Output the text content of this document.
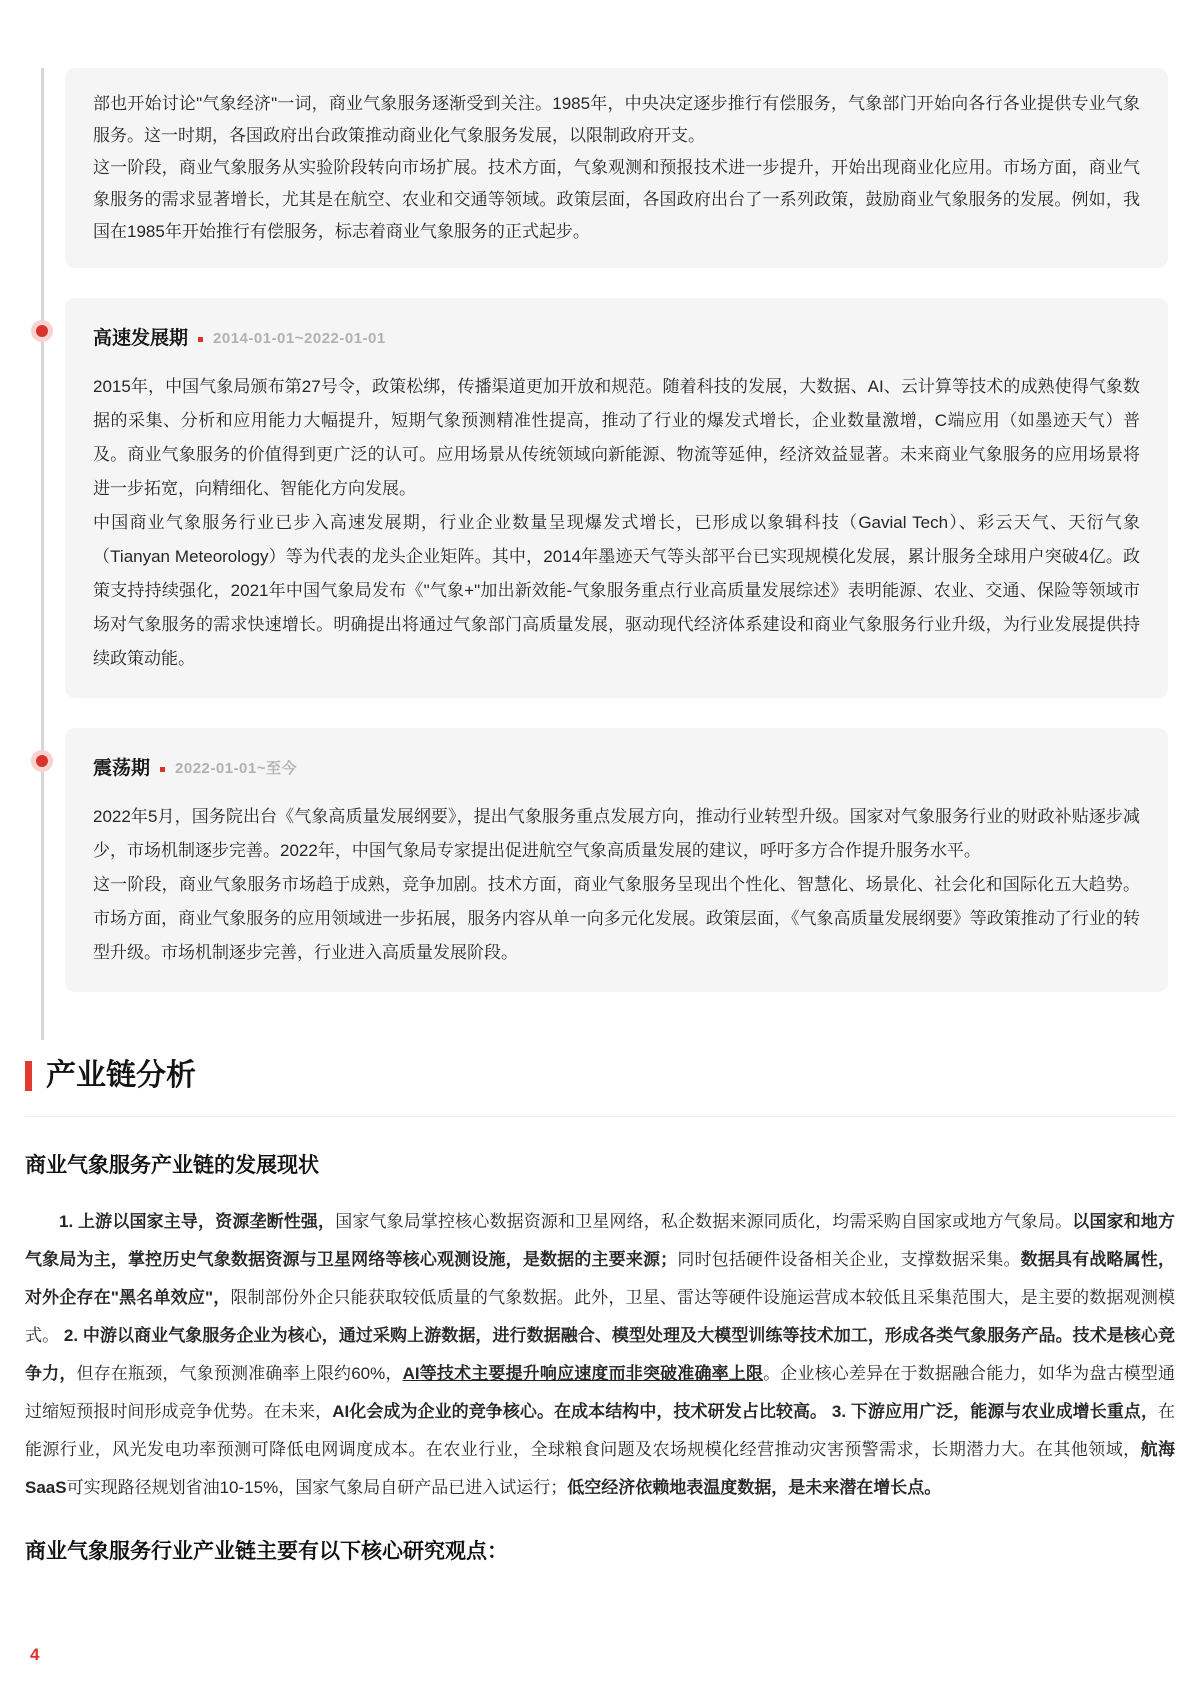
部也开始讨论"气象经济"一词，商业气象服务逐渐受到关注。1985年，中央决定逐步推行有偿服务，气象部门开始向各行各业提供专业气象服务。这一时期，各国政府出台政策推动商业化气象服务发展，以限制政府开支。

这一阶段，商业气象服务从实验阶段转向市场扩展。技术方面，气象观测和预报技术进一步提升，开始出现商业化应用。市场方面，商业气象服务的需求显著增长，尤其是在航空、农业和交通等领域。政策层面，各国政府出台了一系列政策，鼓励商业气象服务的发展。例如，我国在1985年开始推行有偿服务，标志着商业气象服务的正式起步。

高速发展期 2014-01-01~2022-01-01

2015年，中国气象局颁布第27号令，政策松绑，传播渠道更加开放和规范。随着科技的发展，大数据、AI、云计算等技术的成熟使得气象数据的采集、分析和应用能力大幅提升，短期气象预测精准性提高，推动了行业的爆发式增长，企业数量激增，C端应用（如墨迹天气）普及。商业气象服务的价值得到更广泛的认可。应用场景从传统领域向新能源、物流等延伸，经济效益显著。未来商业气象服务的应用场景将进一步拓宽，向精细化、智能化方向发展。

中国商业气象服务行业已步入高速发展期，行业企业数量呈现爆发式增长，已形成以象辑科技（Gavial Tech）、彩云天气、天衍气象（Tianyan Meteorology）等为代表的龙头企业矩阵。其中，2014年墨迹天气等头部平台已实现规模化发展，累计服务全球用户突破4亿。政策支持持续强化，2021年中国气象局发布《"气象+"加出新效能-气象服务重点行业高质量发展综述》表明能源、农业、交通、保险等领域市场对气象服务的需求快速增长。明确提出将通过气象部门高质量发展，驱动现代经济体系建设和商业气象服务行业升级，为行业发展提供持续政策动能。

震荡期 2022-01-01~至今

2022年5月，国务院出台《气象高质量发展纲要》，提出气象服务重点发展方向，推动行业转型升级。国家对气象服务行业的财政补贴逐步减少，市场机制逐步完善。2022年，中国气象局专家提出促进航空气象高质量发展的建议，呼吁多方合作提升服务水平。

这一阶段，商业气象服务市场趋于成熟，竞争加剧。技术方面，商业气象服务呈现出个性化、智慧化、场景化、社会化和国际化五大趋势。市场方面，商业气象服务的应用领域进一步拓展，服务内容从单一向多元化发展。政策层面，《气象高质量发展纲要》等政策推动了行业的转型升级。市场机制逐步完善，行业进入高质量发展阶段。

产业链分析
商业气象服务产业链的发展现状

1. 上游以国家主导，资源垄断性强，国家气象局掌控核心数据资源和卫星网络，私企数据来源同质化，均需采购自国家或地方气象局。以国家和地方气象局为主，掌控历史气象数据资源与卫星网络等核心观测设施，是数据的主要来源；同时包括硬件设备相关企业，支撑数据采集。数据具有战略属性，对外企存在"黑名单效应"，限制部份外企只能获取较低质量的气象数据。此外，卫星、雷达等硬件设施运营成本较低且采集范围大，是主要的数据观测模式。 2. 中游以商业气象服务企业为核心，通过采购上游数据，进行数据融合、模型处理及大模型训练等技术加工，形成各类气象服务产品。技术是核心竞争力，但存在瓶颈，气象预测准确率上限约60%，AI等技术主要提升响应速度而非突破准确率上限。企业核心差异在于数据融合能力，如华为盘古模型通过缩短预报时间形成竞争优势。在未来，AI化会成为企业的竞争核心。在成本结构中，技术研发占比较高。 3. 下游应用广泛，能源与农业成增长重点，在能源行业，风光发电功率预测可降低电网调度成本。在农业行业，全球粮食问题及农场规模化经营推动灾害预警需求，长期潜力大。在其他领域，航海SaaS可实现路径规划省油10-15%，国家气象局自研产品已进入试运行；低空经济依赖地表温度数据，是未来潜在增长点。

商业气象服务行业产业链主要有以下核心研究观点：
4
